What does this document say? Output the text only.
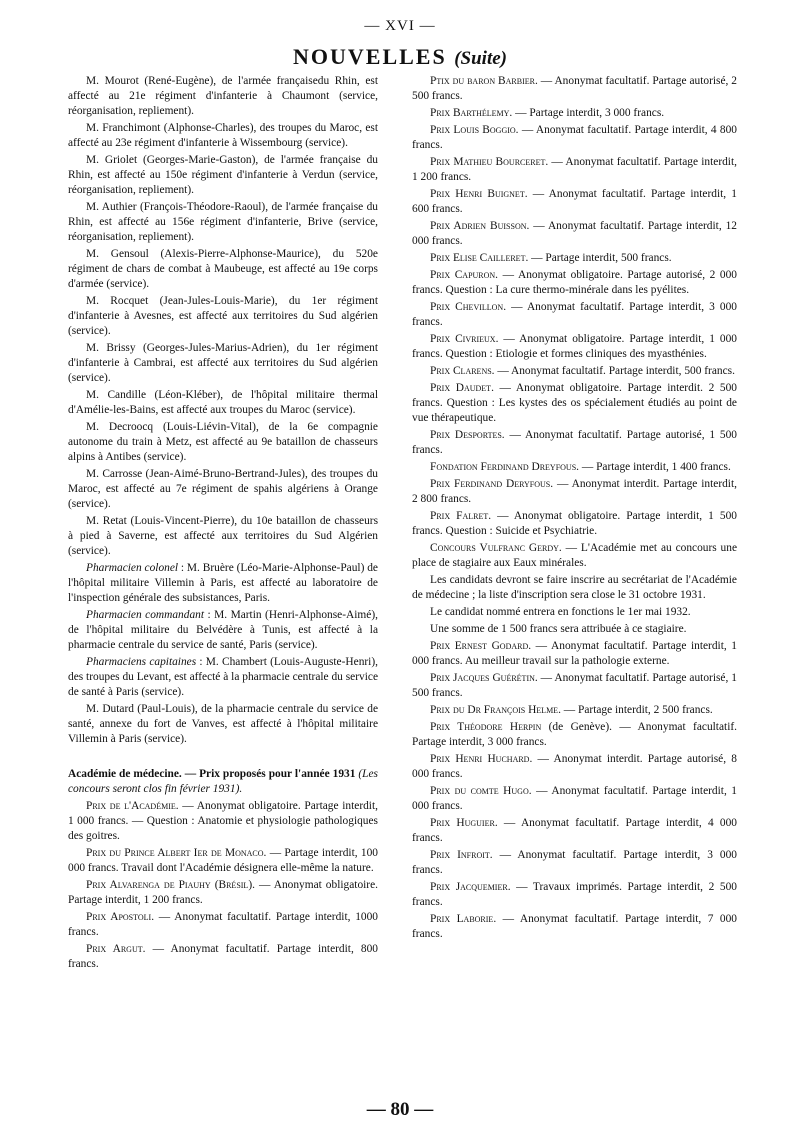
— XVI —
NOUVELLES (Suite)

M. Mourot (René-Eugène), de l'armée françaisedu Rhin, est affecté au 21e régiment d'infanterie à Chaumont (service, réorganisation, repliement).

M. Franchimont (Alphonse-Charles), des troupes du Maroc, est affecté au 23e régiment d'infanterie à Wissembourg (service).

M. Griolet (Georges-Marie-Gaston), de l'armée française du Rhin, est affecté au 150e régiment d'infanterie à Verdun (service, réorganisation, repliement).

M. Authier (François-Théodore-Raoul), de l'armée française du Rhin, est affecté au 156e régiment d'infanterie, Brive (service, réorganisation, repliement).

M. Gensoul (Alexis-Pierre-Alphonse-Maurice), du 520e régiment de chars de combat à Maubeuge, est affecté au 19e corps d'armée (service).

M. Rocquet (Jean-Jules-Louis-Marie), du 1er régiment d'infanterie à Avesnes, est affecté aux territoires du Sud algérien (service).

M. Brissy (Georges-Jules-Marius-Adrien), du 1er régiment d'infanterie à Cambrai, est affecté aux territoires du Sud algérien (service).

M. Candille (Léon-Kléber), de l'hôpital militaire thermal d'Amélie-les-Bains, est affecté aux troupes du Maroc (service).

M. Decroocq (Louis-Liévin-Vital), de la 6e compagnie autonome du train à Metz, est affecté au 9e bataillon de chasseurs alpins à Antibes (service).

M. Carrosse (Jean-Aimé-Bruno-Bertrand-Jules), des troupes du Maroc, est affecté au 7e régiment de spahis algériens à Orange (service).

M. Retat (Louis-Vincent-Pierre), du 10e bataillon de chasseurs à pied à Saverne, est affecté aux territoires du Sud Algérien (service).

Pharmacien colonel : M. Bruère (Léo-Marie-Alphonse-Paul) de l'hôpital militaire Villemin à Paris, est affecté au laboratoire de l'inspection générale des subsistances, Paris.

Pharmacien commandant : M. Martin (Henri-Alphonse-Aimé), de l'hôpital militaire du Belvédère à Tunis, est affecté à la pharmacie centrale du service de santé, Paris (service).

Pharmaciens capitaines : M. Chambert (Louis-Auguste-Henri), des troupes du Levant, est affecté à la pharmacie centrale du service de santé à Paris (service).

M. Dutard (Paul-Louis), de la pharmacie centrale du service de santé, annexe du fort de Vanves, est affecté à l'hôpital militaire Villemin à Paris (service).

Académie de médecine. — Prix proposés pour l'année 1931 (Les concours seront clos fin février 1931).

Prix de l'Académie. — Anonymat obligatoire. Partage interdit, 1 000 francs. — Question : Anatomie et physiologie pathologiques des goitres.

Prix du Prince Albert Ier de Monaco. — Partage interdit, 100 000 francs. Travail dont l'Académie désignera elle-même la nature.

Prix Alvarenga de Piauhy (Brésil). — Anonymat obligatoire. Partage interdit, 1 200 francs.

Prix Apostoli. — Anonymat facultatif. Partage interdit, 1000 francs.

Prix Argut. — Anonymat facultatif. Partage interdit, 800 francs.

Ptix du baron Barbier. — Anonymat facultatif. Partage autorisé, 2 500 francs.

Prix Barthélemy. — Partage interdit, 3 000 francs.

Prix Louis Boggio. — Anonymat facultatif. Partage interdit, 4 800 francs.

Prix Mathieu Bourceret. — Anonymat facultatif. Partage interdit, 1 200 francs.

Prix Henri Buignet. — Anonymat facultatif. Partage interdit, 1 600 francs.

Prix Adrien Buisson. — Anonymat facultatif. Partage interdit, 12 000 francs.

Prix Elise Cailleret. — Partage interdit, 500 francs.

Prix Capuron. — Anonymat obligatoire. Partage autorisé, 2 000 francs. Question : La cure thermo-minérale dans les pyélites.

Prix Chevillon. — Anonymat facultatif. Partage interdit, 3 000 francs.

Prix Civrieux. — Anonymat obligatoire. Partage interdit, 1 000 francs. Question : Etiologie et formes cliniques des myasthénies.

Prix Clarens. — Anonymat facultatif. Partage interdit, 500 francs.

Prix Daudet. — Anonymat obligatoire. Partage interdit. 2 500 francs. Question : Les kystes des os spécialement étudiés au point de vue thérapeutique.

Prix Desportes. — Anonymat facultatif. Partage autorisé, 1 500 francs.

Fondation Ferdinand Dreyfous. — Partage interdit, 1 400 francs.

Prix Ferdinand Deryfous. — Anonymat interdit. Partage interdit, 2 800 francs.

Prix Falret. — Anonymat obligatoire. Partage interdit, 1 500 francs. Question : Suicide et Psychiatrie.

Concours Vulfranc Gerdy. — L'Académie met au concours une place de stagiaire aux Eaux minérales.

Les candidats devront se faire inscrire au secrétariat de l'Académie de médecine ; la liste d'inscription sera close le 31 octobre 1931.

Le candidat nommé entrera en fonctions le 1er mai 1932.

Une somme de 1 500 francs sera attribuée à ce stagiaire.

Prix Ernest Godard. — Anonymat facultatif. Partage interdit, 1 000 francs. Au meilleur travail sur la pathologie externe.

Prix Jacques Guérétin. — Anonymat facultatif. Partage autorisé, 1 500 francs.

Prix du Dr François Helme. — Partage interdit, 2 500 francs.

Prix Théodore Herpin (de Genève). — Anonymat facultatif. Partage interdit, 3 000 francs.

Prix Henri Huchard. — Anonymat interdit. Partage autorisé, 8 000 francs.

Prix du comte Hugo. — Anonymat facultatif. Partage interdit, 1 000 francs.

Prix Huguier. — Anonymat facultatif. Partage interdit, 4 000 francs.

Prix Infroit. — Anonymat facultatif. Partage interdit, 3 000 francs.

Prix Jacquemier. — Travaux imprimés. Partage interdit, 2 500 francs.

Prix Laborie. — Anonymat facultatif. Partage interdit, 7 000 francs.

— 80 —
